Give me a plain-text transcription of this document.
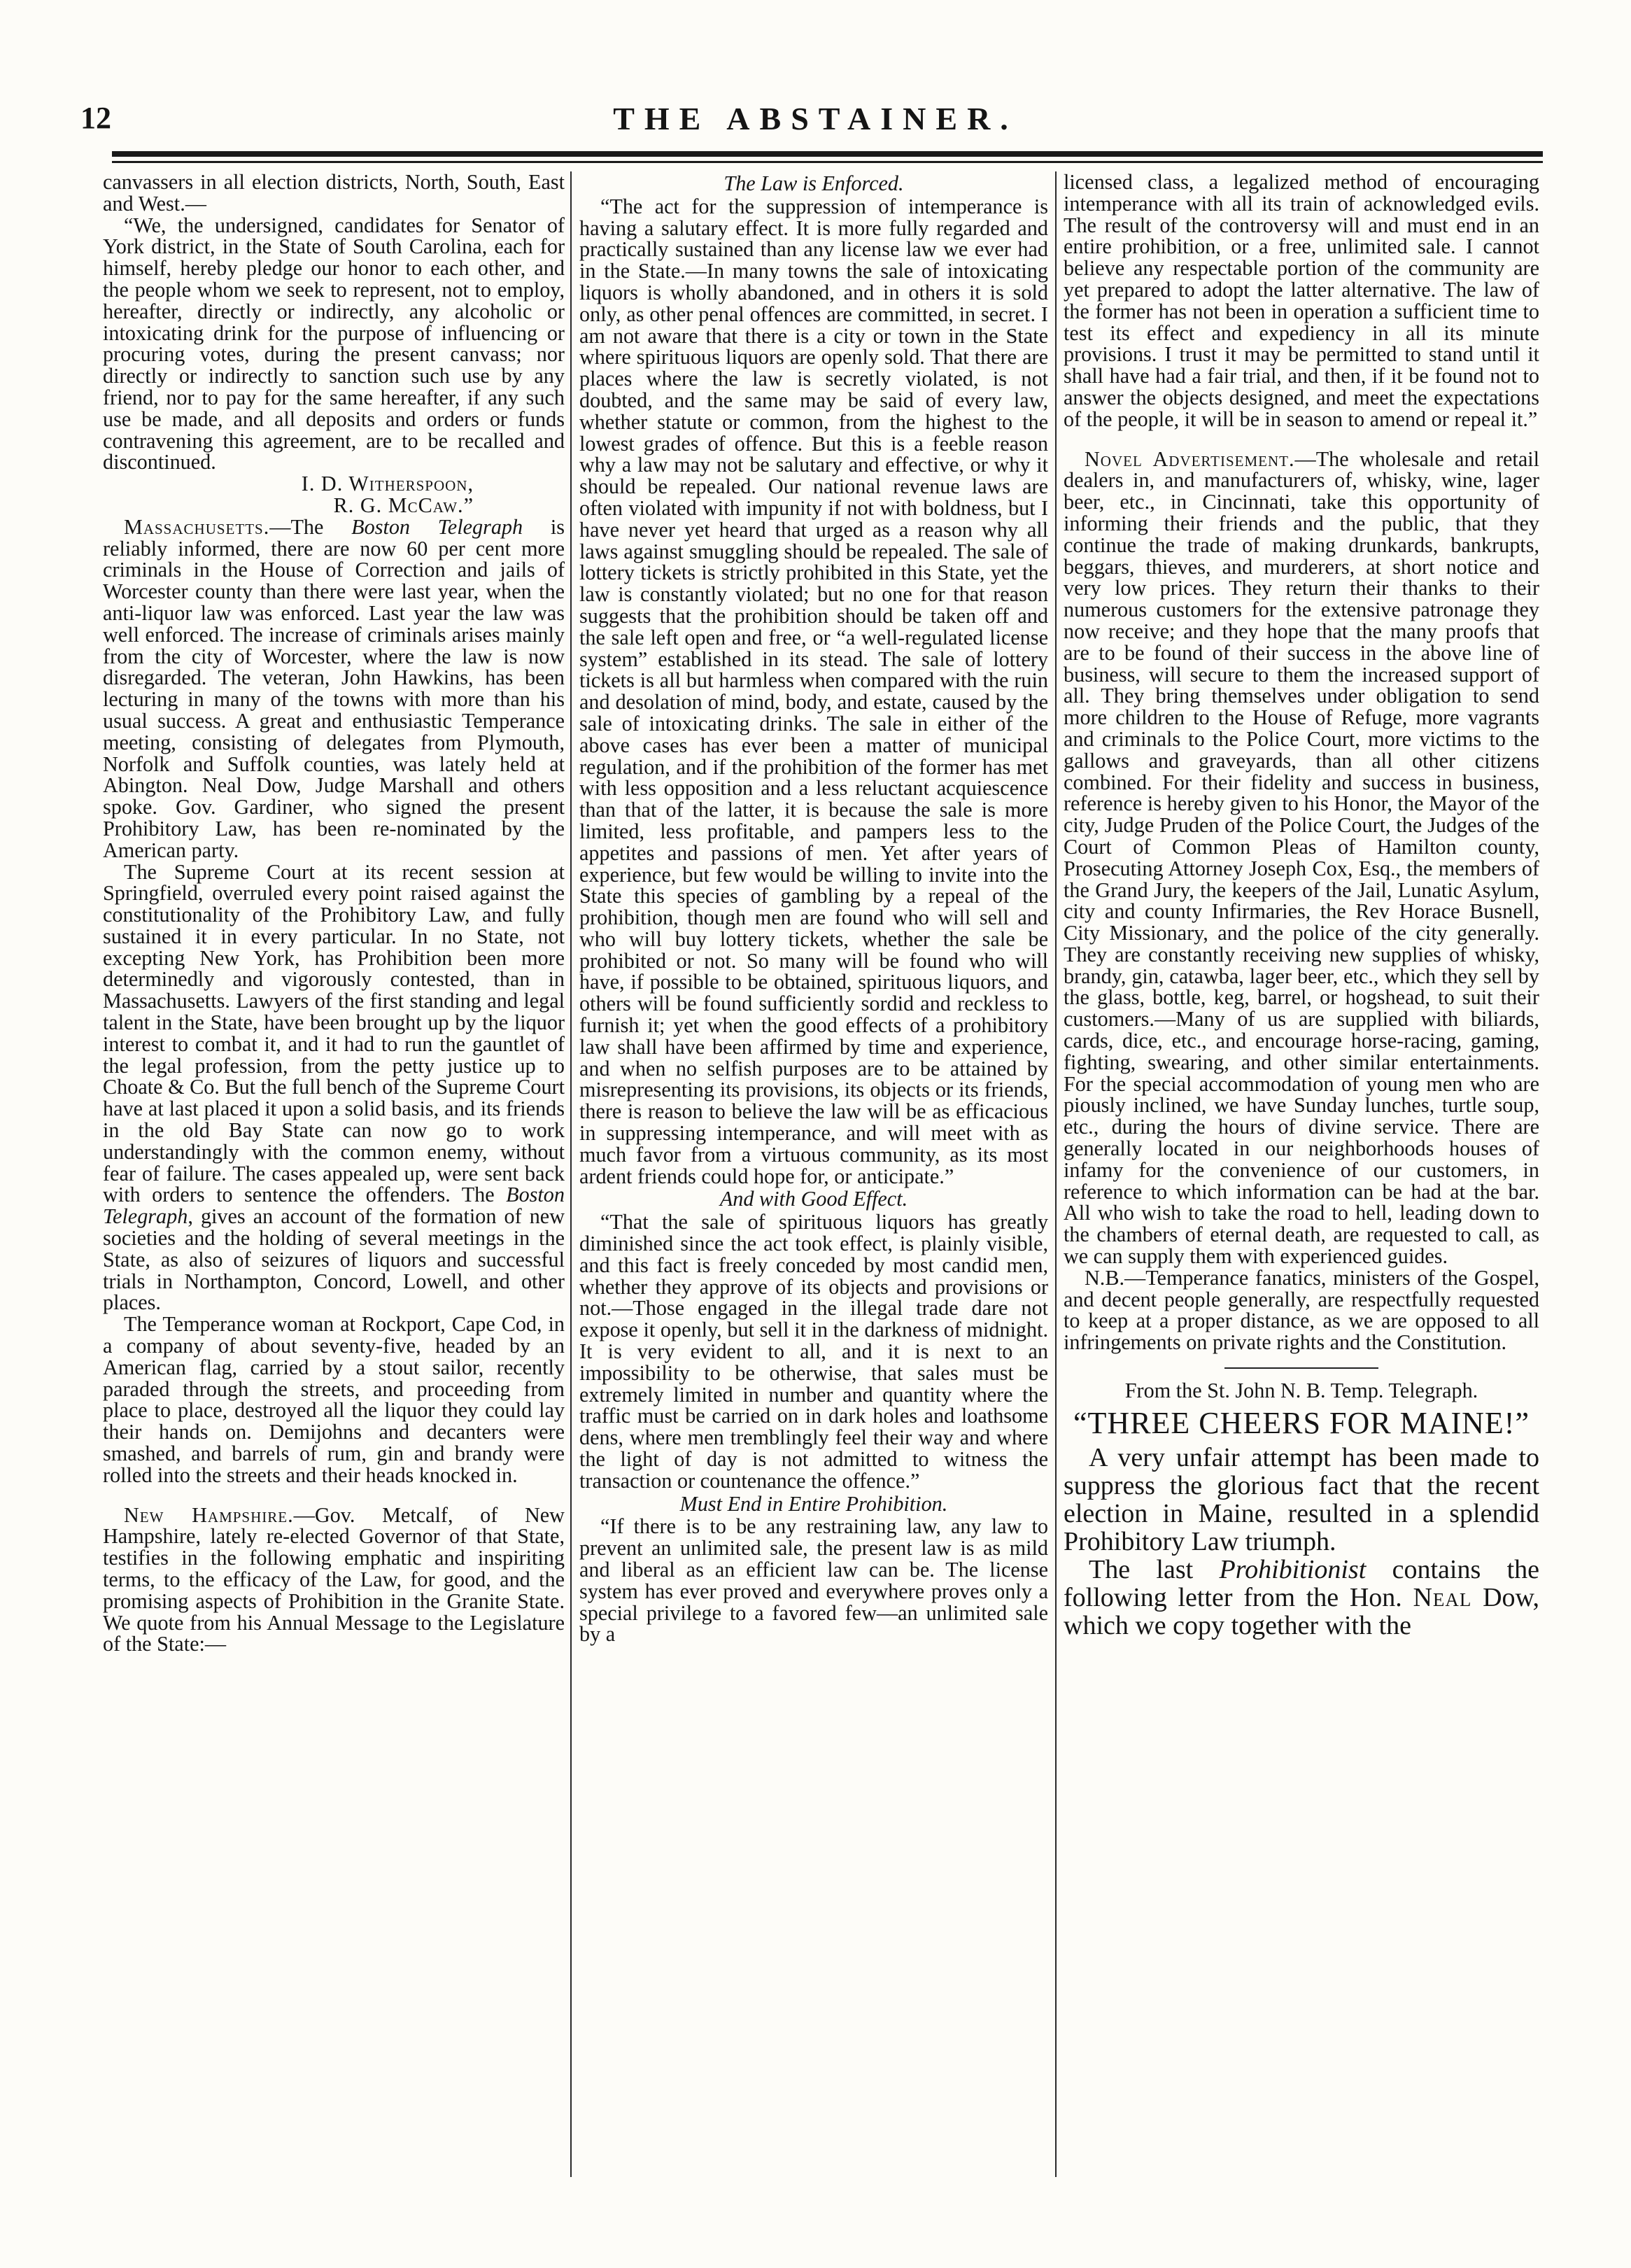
12	THE ABSTAINER.

canvassers in all election districts, North, South, East and West.—

“We, the undersigned, candidates for Senator of York district, in the State of South Carolina, each for himself, hereby pledge our honor to each other, and the people whom we seek to represent, not to employ, hereafter, directly or indirectly, any alcoholic or intoxicating drink for the purpose of influencing or procuring votes, during the present canvass; nor directly or indirectly to sanction such use by any friend, nor to pay for the same hereafter, if any such use be made, and all deposits and orders or funds contravening this agreement, are to be recalled and discontinued.

I. D. Witherspoon,
R. G. McCaw.”

Massachusetts.—The Boston Telegraph is reliably informed, there are now 60 per cent more criminals in the House of Correction and jails of Worcester county than there were last year, when the anti-liquor law was enforced. Last year the law was well enforced. The increase of criminals arises mainly from the city of Worcester, where the law is now disregarded. The veteran, John Hawkins, has been lecturing in many of the towns with more than his usual success. A great and enthusiastic Temperance meeting, consisting of delegates from Plymouth, Norfolk and Suffolk counties, was lately held at Abington. Neal Dow, Judge Marshall and others spoke. Gov. Gardiner, who signed the present Prohibitory Law, has been re-nominated by the American party.

The Supreme Court at its recent session at Springfield, overruled every point raised against the constitutionality of the Prohibitory Law, and fully sustained it in every particular. In no State, not excepting New York, has Prohibition been more determinedly and vigorously contested, than in Massachusetts. Lawyers of the first standing and legal talent in the State, have been brought up by the liquor interest to combat it, and it had to run the gauntlet of the legal profession, from the petty justice up to Choate & Co. But the full bench of the Supreme Court have at last placed it upon a solid basis, and its friends in the old Bay State can now go to work understandingly with the common enemy, without fear of failure. The cases appealed up, were sent back with orders to sentence the offenders. The Boston Telegraph, gives an account of the formation of new societies and the holding of several meetings in the State, as also of seizures of liquors and successful trials in Northampton, Concord, Lowell, and other places.

The Temperance woman at Rockport, Cape Cod, in a company of about seventy-five, headed by an American flag, carried by a stout sailor, recently paraded through the streets, and proceeding from place to place, destroyed all the liquor they could lay their hands on. Demijohns and decanters were smashed, and barrels of rum, gin and brandy were rolled into the streets and their heads knocked in.

New Hampshire.—Gov. Metcalf, of New Hampshire, lately re-elected Governor of that State, testifies in the following emphatic and inspiriting terms, to the efficacy of the Law, for good, and the promising aspects of Prohibition in the Granite State. We quote from his Annual Message to the Legislature of the State:—

The Law is Enforced.

“The act for the suppression of intemperance is having a salutary effect. It is more fully regarded and practically sustained than any license law we ever had in the State.—In many towns the sale of intoxicating liquors is wholly abandoned, and in others it is sold only, as other penal offences are committed, in secret. I am not aware that there is a city or town in the State where spirituous liquors are openly sold. That there are places where the law is secretly violated, is not doubted, and the same may be said of every law, whether statute or common, from the highest to the lowest grades of offence. But this is a feeble reason why a law may not be salutary and effective, or why it should be repealed. Our national revenue laws are often violated with impunity if not with boldness, but I have never yet heard that urged as a reason why all laws against smuggling should be repealed. The sale of lottery tickets is strictly prohibited in this State, yet the law is constantly violated; but no one for that reason suggests that the prohibition should be taken off and the sale left open and free, or “a well-regulated license system” established in its stead. The sale of lottery tickets is all but harmless when compared with the ruin and desolation of mind, body, and estate, caused by the sale of intoxicating drinks. The sale in either of the above cases has ever been a matter of municipal regulation, and if the prohibition of the former has met with less opposition and a less reluctant acquiescence than that of the latter, it is because the sale is more limited, less profitable, and pampers less to the appetites and passions of men. Yet after years of experience, but few would be willing to invite into the State this species of gambling by a repeal of the prohibition, though men are found who will sell and who will buy lottery tickets, whether the sale be prohibited or not. So many will be found who will have, if possible to be obtained, spirituous liquors, and others will be found sufficiently sordid and reckless to furnish it; yet when the good effects of a prohibitory law shall have been affirmed by time and experience, and when no selfish purposes are to be attained by misrepresenting its provisions, its objects or its friends, there is reason to believe the law will be as efficacious in suppressing intemperance, and will meet with as much favor from a virtuous community, as its most ardent friends could hope for, or anticipate.”

And with Good Effect.

“That the sale of spirituous liquors has greatly diminished since the act took effect, is plainly visible, and this fact is freely conceded by most candid men, whether they approve of its objects and provisions or not.—Those engaged in the illegal trade dare not expose it openly, but sell it in the darkness of midnight. It is very evident to all, and it is next to an impossibility to be otherwise, that sales must be extremely limited in number and quantity where the traffic must be carried on in dark holes and loathsome dens, where men tremblingly feel their way and where the light of day is not admitted to witness the transaction or countenance the offence.”

Must End in Entire Prohibition.

“If there is to be any restraining law, any law to prevent an unlimited sale, the present law is as mild and liberal as an efficient law can be. The license system has ever proved and everywhere proves only a special privilege to a favored few—an unlimited sale by a

licensed class, a legalized method of encouraging intemperance with all its train of acknowledged evils. The result of the controversy will and must end in an entire prohibition, or a free, unlimited sale. I cannot believe any respectable portion of the community are yet prepared to adopt the latter alternative. The law of the former has not been in operation a sufficient time to test its effect and expediency in all its minute provisions. I trust it may be permitted to stand until it shall have had a fair trial, and then, if it be found not to answer the objects designed, and meet the expectations of the people, it will be in season to amend or repeal it.”

Novel Advertisement.—The wholesale and retail dealers in, and manufacturers of, whisky, wine, lager beer, etc., in Cincinnati, take this opportunity of informing their friends and the public, that they continue the trade of making drunkards, bankrupts, beggars, thieves, and murderers, at short notice and very low prices. They return their thanks to their numerous customers for the extensive patronage they now receive; and they hope that the many proofs that are to be found of their success in the above line of business, will secure to them the increased support of all. They bring themselves under obligation to send more children to the House of Refuge, more vagrants and criminals to the Police Court, more victims to the gallows and graveyards, than all other citizens combined. For their fidelity and success in business, reference is hereby given to his Honor, the Mayor of the city, Judge Pruden of the Police Court, the Judges of the Court of Common Pleas of Hamilton county, Prosecuting Attorney Joseph Cox, Esq., the members of the Grand Jury, the keepers of the Jail, Lunatic Asylum, city and county Infirmaries, the Rev Horace Busnell, City Missionary, and the police of the city generally. They are constantly receiving new supplies of whisky, brandy, gin, catawba, lager beer, etc., which they sell by the glass, bottle, keg, barrel, or hogshead, to suit their customers.—Many of us are supplied with biliards, cards, dice, etc., and encourage horse-racing, gaming, fighting, swearing, and other similar entertainments. For the special accommodation of young men who are piously inclined, we have Sunday lunches, turtle soup, etc., during the hours of divine service. There are generally located in our neighborhoods houses of infamy for the convenience of our customers, in reference to which information can be had at the bar. All who wish to take the road to hell, leading down to the chambers of eternal death, are requested to call, as we can supply them with experienced guides.

N.B.—Temperance fanatics, ministers of the Gospel, and decent people generally, are respectfully requested to keep at a proper distance, as we are opposed to all infringements on private rights and the Constitution.

From the St. John N. B. Temp. Telegraph.
“THREE CHEERS FOR MAINE!”

A very unfair attempt has been made to suppress the glorious fact that the recent election in Maine, resulted in a splendid Prohibitory Law triumph.

The last Prohibitionist contains the following letter from the Hon. Neal Dow, which we copy together with the
